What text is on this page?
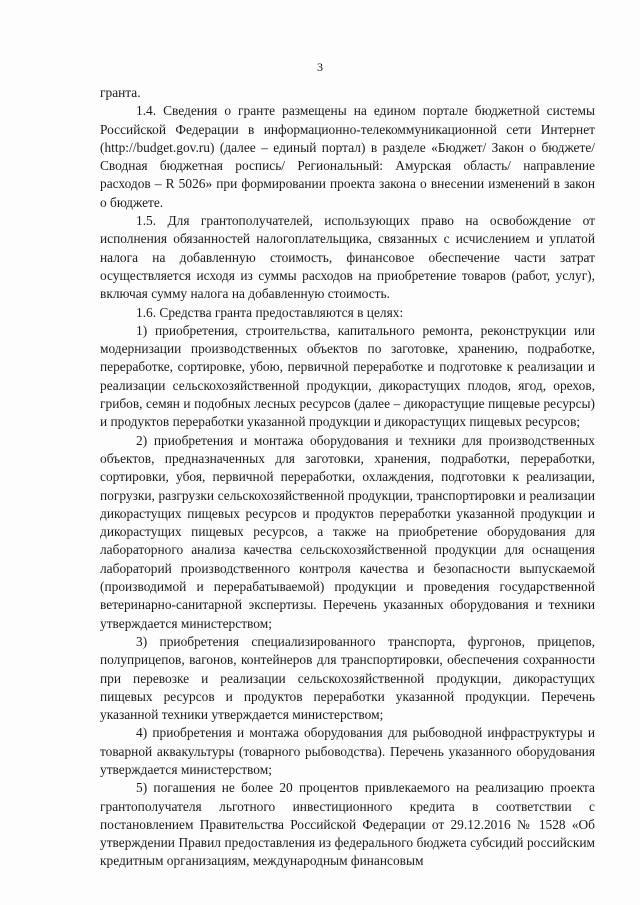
3

гранта.

1.4. Сведения о гранте размещены на едином портале бюджетной системы Российской Федерации в информационно-телекоммуникационной сети Интернет (http://budget.gov.ru) (далее – единый портал) в разделе «Бюджет/ Закон о бюджете/ Сводная бюджетная роспись/ Региональный: Амурская область/ направление расходов – R 5026» при формировании проекта закона о внесении изменений в закон о бюджете.

1.5. Для грантополучателей, использующих право на освобождение от исполнения обязанностей налогоплательщика, связанных с исчислением и уплатой налога на добавленную стоимость, финансовое обеспечение части затрат осуществляется исходя из суммы расходов на приобретение товаров (работ, услуг), включая сумму налога на добавленную стоимость.

1.6. Средства гранта предоставляются в целях:

1) приобретения, строительства, капитального ремонта, реконструкции или модернизации производственных объектов по заготовке, хранению, подработке, переработке, сортировке, убою, первичной переработке и подготовке к реализации и реализации сельскохозяйственной продукции, дикорастущих плодов, ягод, орехов, грибов, семян и подобных лесных ресурсов (далее – дикорастущие пищевые ресурсы) и продуктов переработки указанной продукции и дикорастущих пищевых ресурсов;

2) приобретения и монтажа оборудования и техники для производственных объектов, предназначенных для заготовки, хранения, подработки, переработки, сортировки, убоя, первичной переработки, охлаждения, подготовки к реализации, погрузки, разгрузки сельскохозяйственной продукции, транспортировки и реализации дикорастущих пищевых ресурсов и продуктов переработки указанной продукции и дикорастущих пищевых ресурсов, а также на приобретение оборудования для лабораторного анализа качества сельскохозяйственной продукции для оснащения лабораторий производственного контроля качества и безопасности выпускаемой (производимой и перерабатываемой) продукции и проведения государственной ветеринарно-санитарной экспертизы. Перечень указанных оборудования и техники утверждается министерством;

3) приобретения специализированного транспорта, фургонов, прицепов, полуприцепов, вагонов, контейнеров для транспортировки, обеспечения сохранности при перевозке и реализации сельскохозяйственной продукции, дикорастущих пищевых ресурсов и продуктов переработки указанной продукции. Перечень указанной техники утверждается министерством;

4) приобретения и монтажа оборудования для рыбоводной инфраструктуры и товарной аквакультуры (товарного рыбоводства). Перечень указанного оборудования утверждается министерством;

5) погашения не более 20 процентов привлекаемого на реализацию проекта грантополучателя льготного инвестиционного кредита в соответствии с постановлением Правительства Российской Федерации от 29.12.2016 № 1528 «Об утверждении Правил предоставления из федерального бюджета субсидий российским кредитным организациям, международным финансовым
